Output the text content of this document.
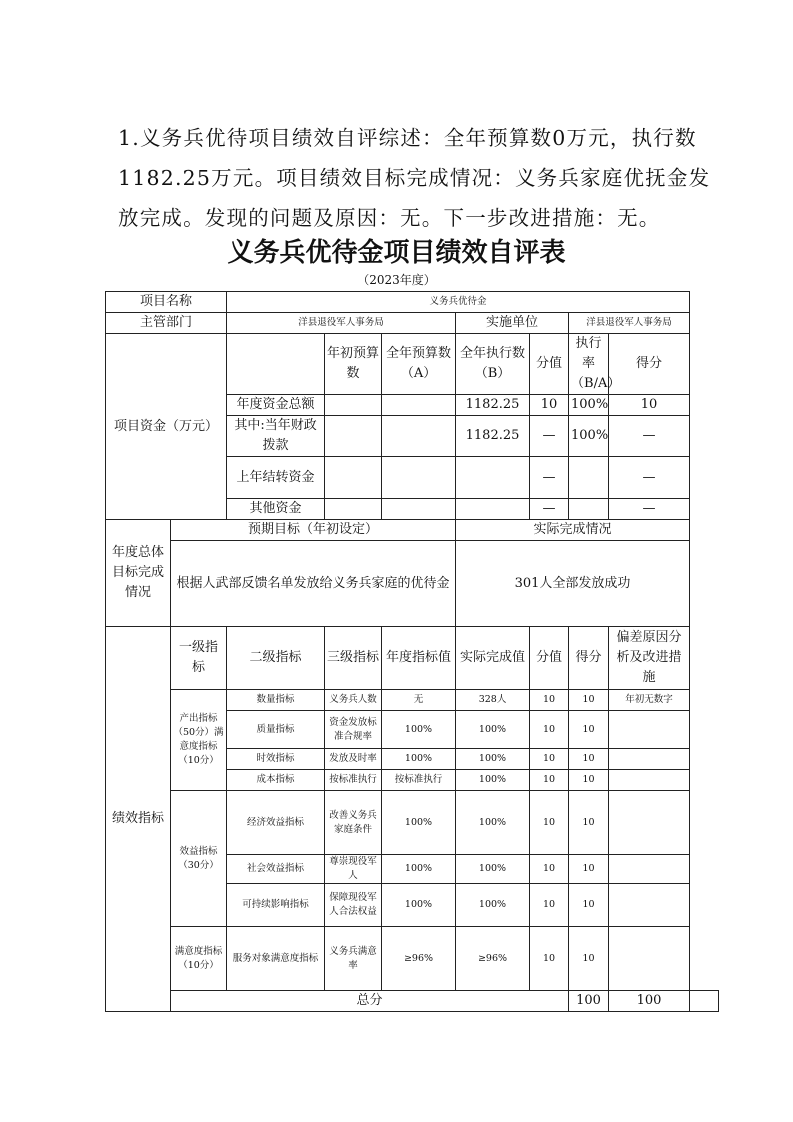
1.义务兵优待项目绩效自评综述：全年预算数0万元，执行数1182.25万元。项目绩效目标完成情况：义务兵家庭优抚金发放完成。发现的问题及原因：无。下一步改进措施：无。

义务兵优待金项目绩效自评表
（2023年度）
项目名称		义务兵优待金							
主管部门		洋县退役军人事务局			实施单位		洋县退役军人事务局		
项目资金（万元）			年初预算数	全年预算数（A）	全年执行数（B）	分值	执行率（B/A）	得分	
		年度资金总额			1182.25	10	100%	10	
		其中:当年财政拨款			1182.25	—	100%	—	
		上年结转资金				—		—	
		其他资金				—		—	
年度总体目标完成情况	预期目标（年初设定）				实际完成情况				
	根据人武部反馈名单发放给义务兵家庭的优待金				301人全部发放成功				
绩效指标	一级指标	二级指标	三级指标	年度指标值	实际完成值	分值	得分	偏差原因分析及改进措施	
	产出指标（50分）满意度指标（10分）	数量指标	义务兵人数	无	328人	10	10	年初无数字	
		质量指标	资金发放标准合规率	100%	100%	10	10		
		时效指标	发放及时率	100%	100%	10	10		
		成本指标	按标准执行	按标准执行	100%	10	10		
	效益指标（30分）	经济效益指标	改善义务兵家庭条件	100%	100%	10	10		
		社会效益指标	尊崇现役军人	100%	100%	10	10		
		可持续影响指标	保障现役军人合法权益	100%	100%	10	10		
	满意度指标（10分）	服务对象满意度指标	义务兵满意率	≥96%	≥96%	10	10		
	总分						100	100	
